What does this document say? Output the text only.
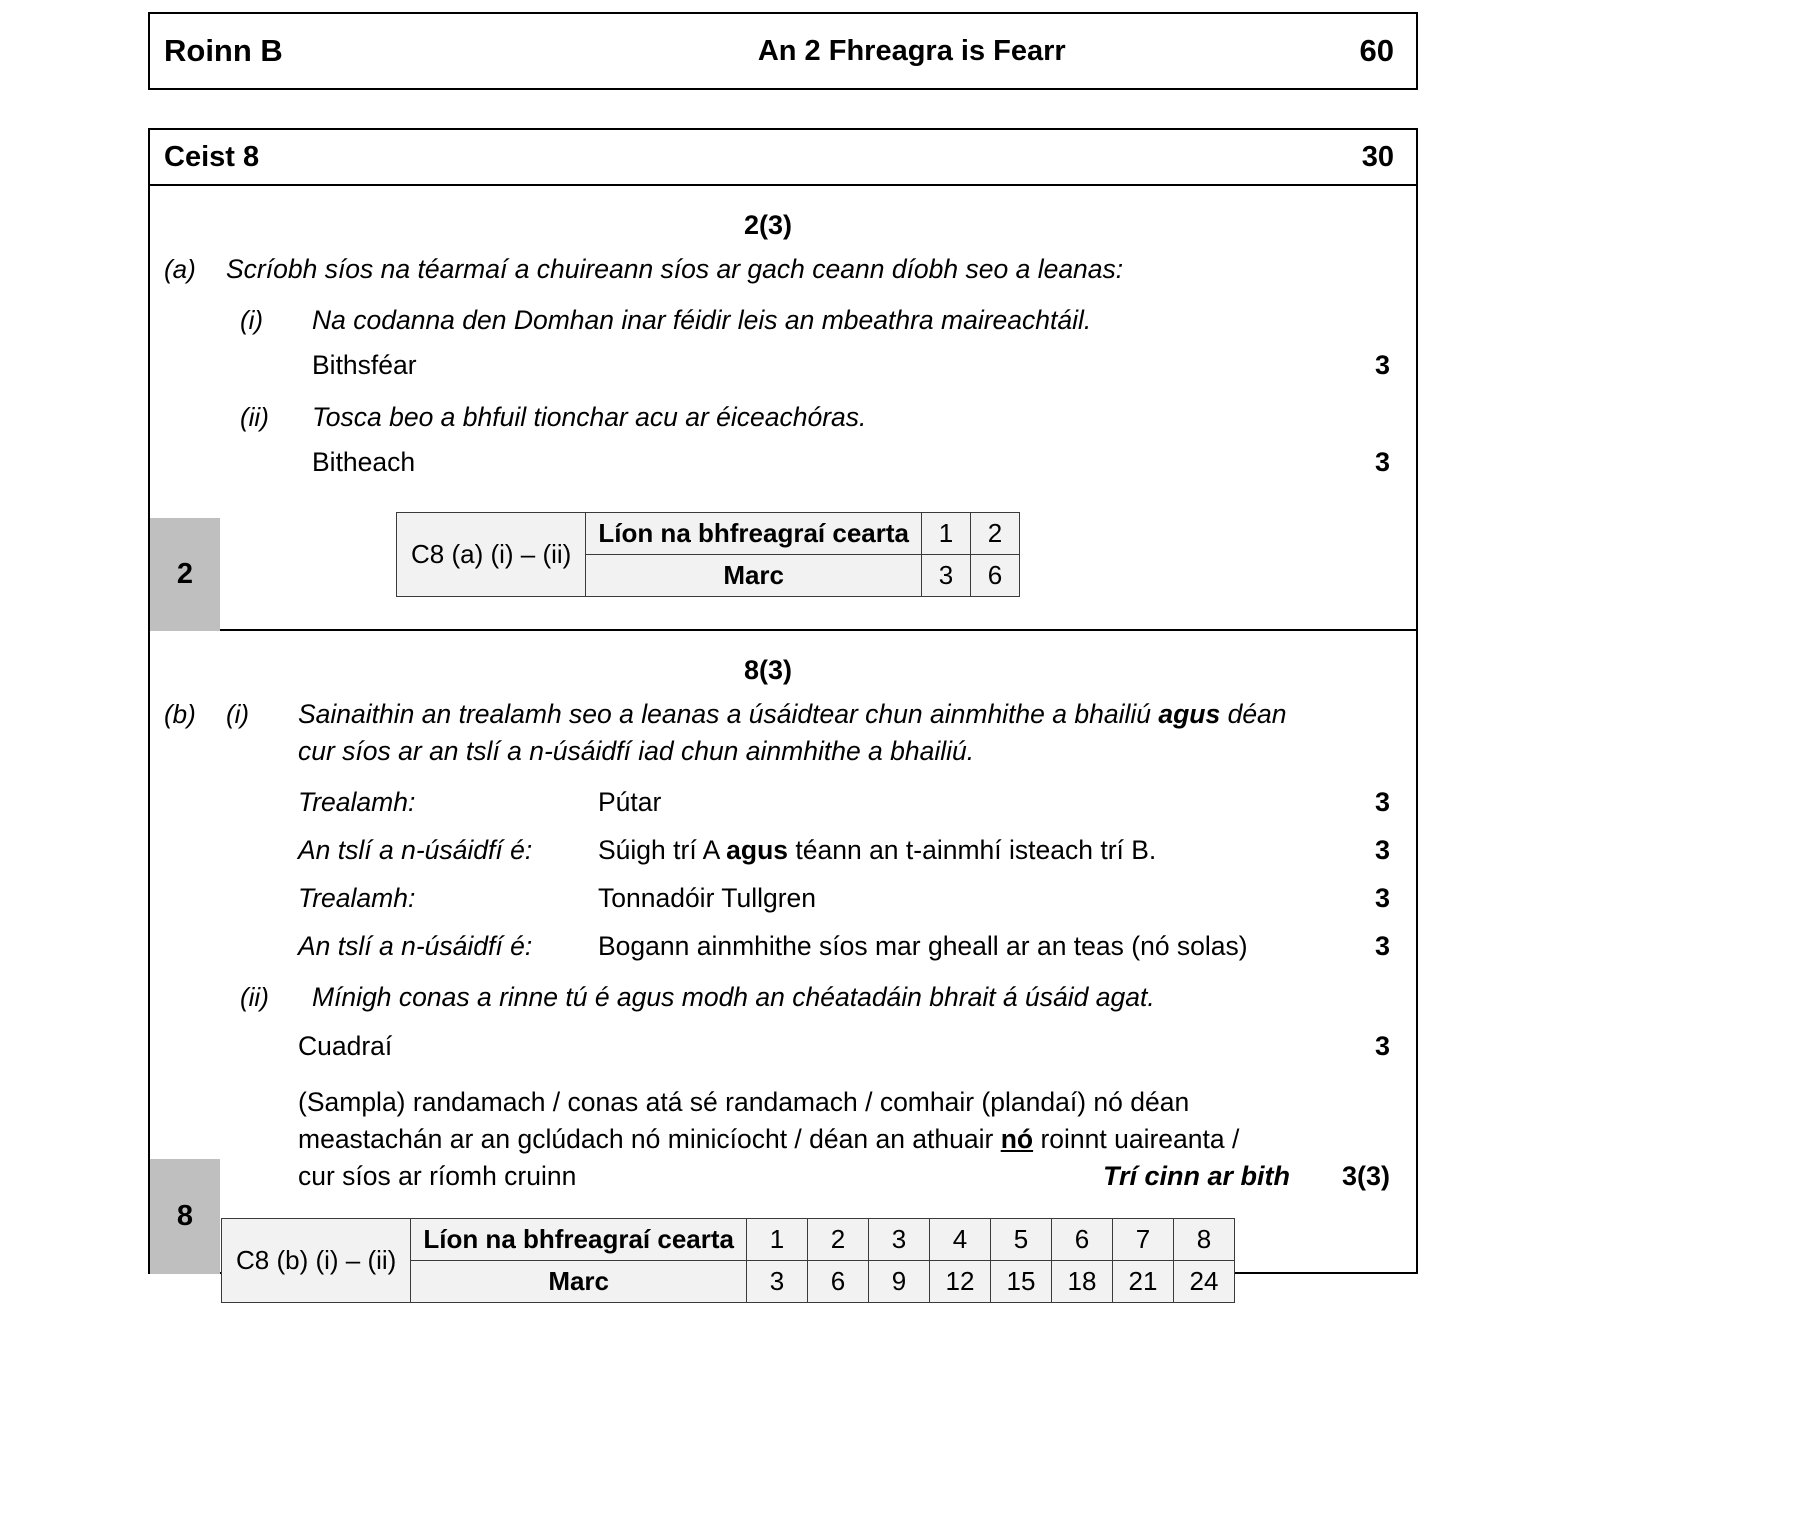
Roinn B	An 2 Fhreagra is Fearr	60
Ceist 8	30
2(3)
(a)	Scríobh síos na téarmaí a chuireann síos ar gach ceann díobh seo a leanas:
(i)	Na codanna den Domhan inar féidir leis an mbeathra maireachtáil.
Bithsféar	3
(ii)	Tosca beo a bhfuil tionchar acu ar éiceachóras.
Bitheach	3
2
C8 (a) (i) – (ii)	Líon na bhfreagraí cearta	1	2
	Marc	3	6
8(3)
(b)	(i)	Sainaithin an trealamh seo a leanas a úsáidtear chun ainmhithe a bhailiú agus déan cur síos ar an tslí a n-úsáidfí iad chun ainmhithe a bhailiú.
Trealamh:	Pútar	3
An tslí a n-úsáidfí é:	Súigh trí A agus téann an t-ainmhí isteach trí B.	3
Trealamh:	Tonnadóir Tullgren	3
An tslí a n-úsáidfí é:	Bogann ainmhithe síos mar gheall ar an teas (nó solas)	3
(ii)	Mínigh conas a rinne tú é agus modh an chéatadáin bhrait á úsáid agat.
Cuadraí	3
(Sampla) randamach / conas atá sé randamach / comhair (plandaí) nó déan
meastachán ar an gclúdach nó minicíocht / déan an athuair nó roinnt uaireanta /
cur síos ar ríomh cruinn	Trí cinn ar bith	3(3)
8
C8 (b) (i) – (ii)	Líon na bhfreagraí cearta	1	2	3	4	5	6	7	8
	Marc	3	6	9	12	15	18	21	24
